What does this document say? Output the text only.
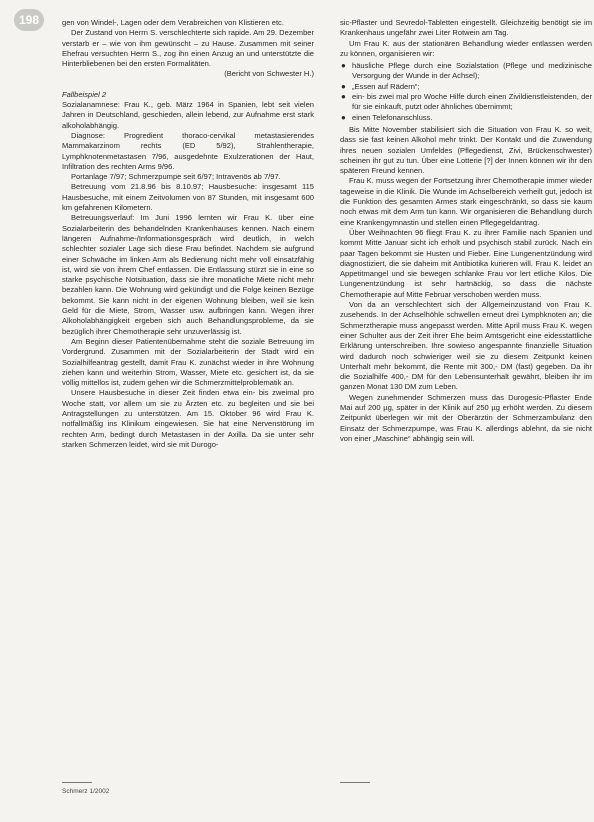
198	gen von Windel-, Lagen oder dem Verabreichen von Klistieren etc.

Der Zustand von Herrn S. verschlechterte sich rapide. Am 29. Dezember verstarb er – wie von ihm gewünscht – zu Hause. Zusammen mit seiner Ehefrau versuchten Herrn S., zog ihn einen Anzug an und unterstützte die Hinterbliebenen bei den ersten Formalitäten.

(Bericht von Schwester H.)

Fallbeispiel 2

Sozialanamnese: Frau K., geb. März 1964 in Spanien, lebt seit vielen Jahren in Deutschland, geschieden, allein lebend, zur Aufnahme erst stark alkoholabhängig.

Diagnose: Progredient thoraco-cervikal metastasierendes Mammakarzinom rechts (ED 5/92), Strahlentherapie, Lymphknotenmetastasen 7/96, ausgedehnte Exulzerationen der Haut, Infiltration des rechten Arms 9/96.

Portanlage 7/97; Schmerzpumpe seit 6/97; Intravenös ab 7/97.

Betreuung vom 21.8.96 bis 8.10.97; Hausbesuche: insgesamt 115 Hausbesuche, mit einem Zeitvolumen von 87 Stunden, mit insgesamt 600 km gefahrenen Kilometern.

Betreuungsverlauf: Im Juni 1996 lernten wir Frau K. über eine Sozialarbeiterin des behandelnden Krankenhauses kennen. Nach einem längeren Aufnahme-/Informationsgespräch wird deutlich, in welch schlechter sozialer Lage sich diese Frau befindet. Nachdem sie aufgrund einer Schwäche im linken Arm als Bedienung nicht mehr voll einsatzfähig ist, wird sie von ihrem Chef entlassen. Die Entlassung stürzt sie in eine so starke psychische Notsituation, dass sie ihre monatliche Miete nicht mehr bezahlen kann. Die Wohnung wird gekündigt und die Folge keinen Bezüge bekommt. Sie kann nicht in der eigenen Wohnung bleiben, weil sie kein Geld für die Miete, Strom, Wasser usw. aufbringen kann. Wegen ihrer Alkoholabhängigkeit ergeben sich auch Behandlungsprobleme, da sie bezüglich ihrer Chemotherapie sehr unzuverlässig ist.

Am Beginn dieser Patientenübernahme steht die soziale Betreuung im Vordergrund. Zusammen mit der Sozialarbeiterin der Stadt wird ein Sozialhilfeantrag gestellt, damit Frau K. zunächst wieder in ihre Wohnung ziehen kann und weiterhin Strom, Wasser, Miete etc. gesichert ist, da sie völlig mittellos ist, zudem gehen wir die Schmerzmittelproblematik an.

Unsere Hausbesuche in dieser Zeit finden etwa ein- bis zweimal pro Woche statt, vor allem um sie zu Ärzten etc. zu begleiten und sie bei Antragstellungen zu unterstützen. Am 15. Oktober 96 wird Frau K. notfallmäßig ins Klinikum eingewiesen. Sie hat eine Nervenstörung im rechten Arm, bedingt durch Metastasen in der Axilla. Da sie unter sehr starken Schmerzen leidet, wird sie mit Durogo-

sic-Pflaster und Sevredol-Tabletten eingestellt. Gleichzeitig benötigt sie im Krankenhaus ungefähr zwei Liter Rotwein am Tag.

Um Frau K. aus der stationären Behandlung wieder entlassen werden zu können, organisieren wir:

● häusliche Pflege durch eine Sozialstation (Pflege und medizinische Versorgung der Wunde in der Achsel);
● „Essen auf Rädern“;
● ein- bis zwei mal pro Woche Hilfe durch einen Zivildienstleistenden, der für sie einkauft, putzt oder ähnliches übernimmt;
● einen Telefonanschluss.

Bis Mitte November stabilisiert sich die Situation von Frau K. so weit, dass sie fast keinen Alkohol mehr trinkt. Der Kontakt und die Zuwendung ihres neuen sozialen Umfeldes (Pflegedienst, Zivi, Brückenschwester) scheinen ihr gut zu tun. Über eine Lotterie [?] der Innen können wir ihr den späteren Freund kennen.

Frau K. muss wegen der Fortsetzung ihrer Chemotherapie immer wieder tageweise in die Klinik. Die Wunde im Achselbereich verheilt gut, jedoch ist die Funktion des gesamten Armes stark eingeschränkt, so dass sie kaum noch etwas mit dem Arm tun kann. Wir organisieren die Behandlung durch eine Krankengymnastin und stellen einen Pflegegeldantrag.

Über Weihnachten 96 fliegt Frau K. zu ihrer Familie nach Spanien und kommt Mitte Januar sicht ich erholt und psychisch stabil zurück. Nach ein paar Tagen bekommt sie Husten und Fieber. Eine Lungenentzündung wird diagnostiziert, die sie daheim mit Antibiotika kurieren will. Frau K. leidet an Appetitmangel und sie bewegen schlanke Frau vor lert etliche Kilos. Die Lungenentzündung ist sehr hartnäckig, so dass die nächste Chemotherapie auf Mitte Februar verschoben werden muss.

Von da an verschlechtert sich der Allgemeinzustand von Frau K. zusehends. In der Achselhöhle schwellen erneut drei Lymphknoten an; die Schmerztherapie muss angepasst werden. Mitte April muss Frau K. wegen einer Schulter aus der Zeit ihrer Ehe beim Amtsgericht eine eidesstattliche Erklärung unterschreiben. Ihre sowieso angespannte finanzielle Situation wird dadurch noch schwieriger weil sie zu diesem Zeitpunkt keinen Unterhalt mehr bekommt, die Rente mit 300,- DM (fast) gegeben. Da ihr die Sozialhilfe 400,- DM für den Lebensunterhalt gewährt, bleiben ihr im ganzen Monat 130 DM zum Leben.

Wegen zunehmender Schmerzen muss das Durogesic-Pflaster Ende Mai auf 200 µg, später in der Klinik auf 250 µg erhöht werden. Zu diesem Zeitpunkt überlegen wir mit der Oberärztin der Schmerzambulanz den Einsatz der Schmerzpumpe, was Frau K. allerdings ablehnt, da sie nicht von einer „Maschine“ abhängig sein will.

Schmerz 1/2002
